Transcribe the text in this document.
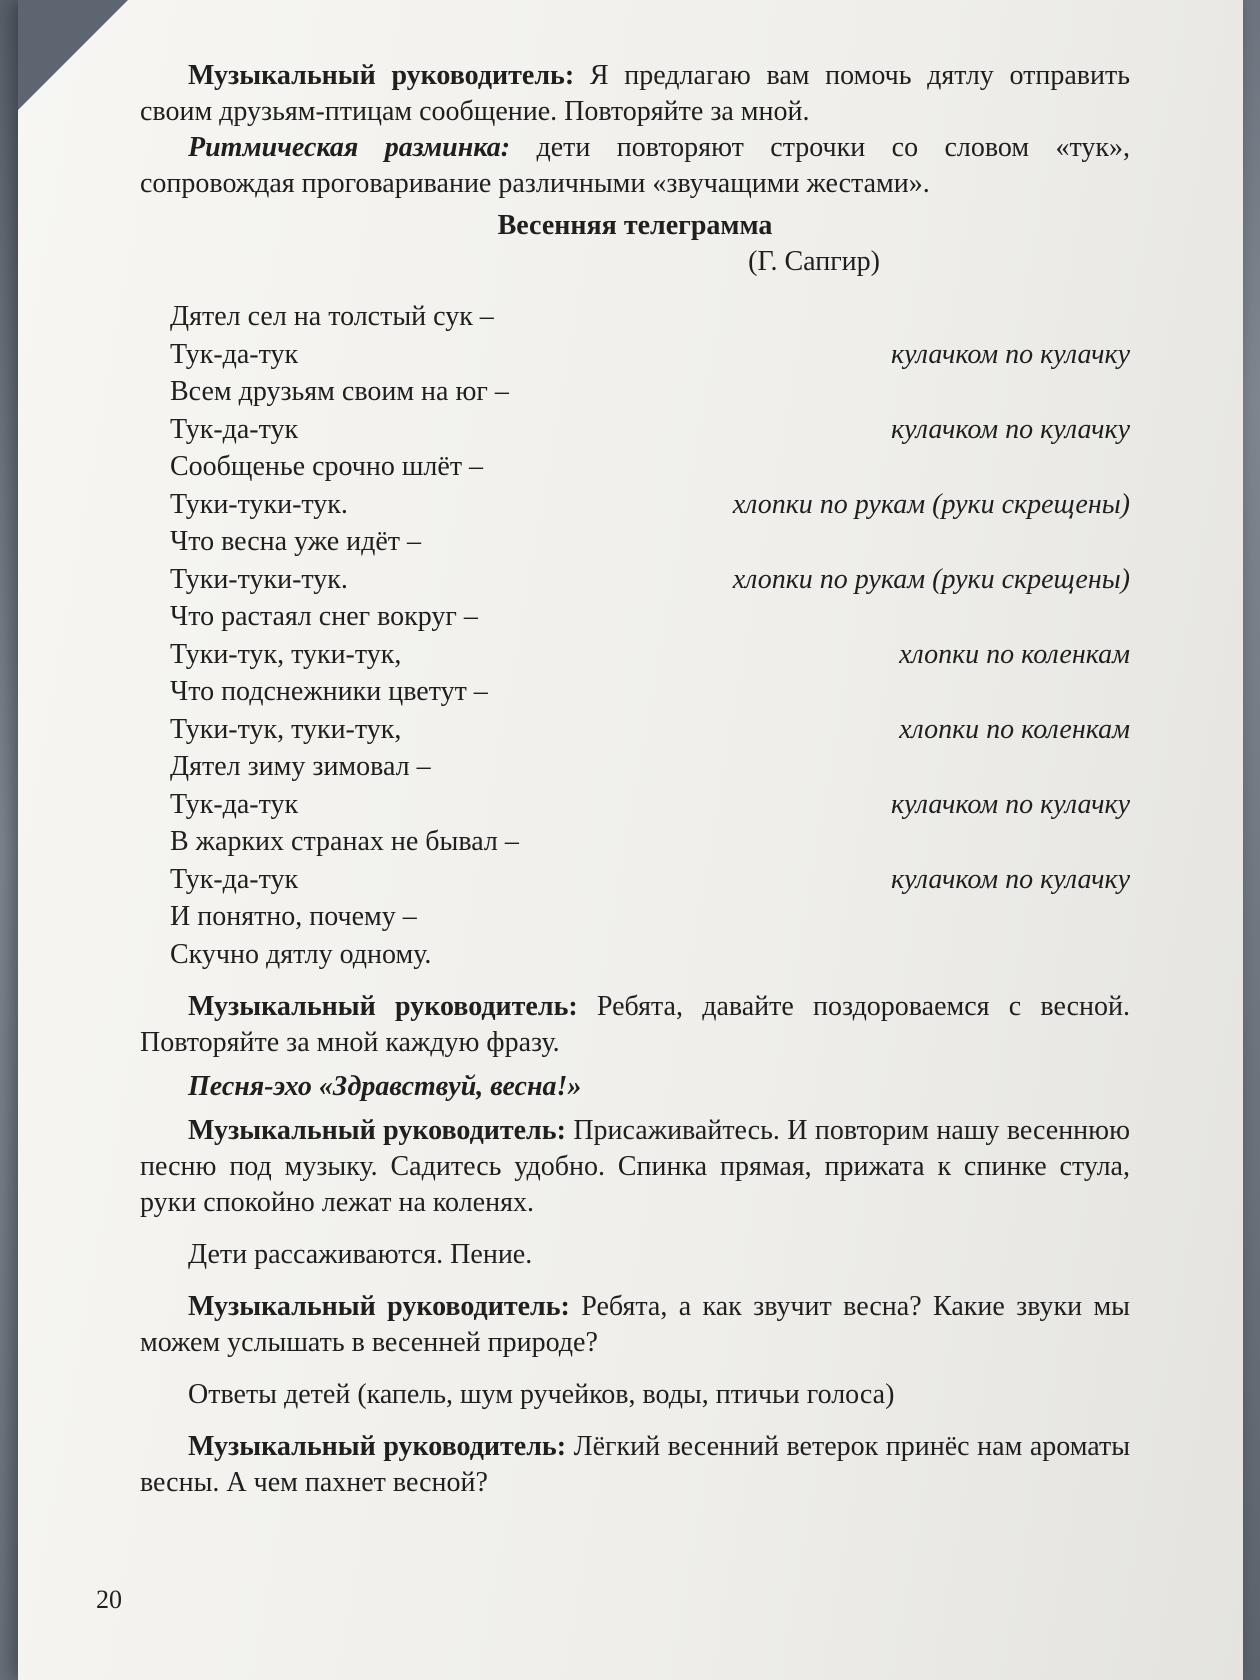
Музыкальный руководитель: Я предлагаю вам помочь дятлу отправить своим друзьям-птицам сообщение. Повторяйте за мной.

Ритмическая разминка: дети повторяют строчки со словом «тук», сопровождая проговаривание различными «звучащими жестами».

Весенняя телеграмма
(Г. Сапгир)
Дятел сел на толстый сук –
Тук-да-тук	кулачком по кулачку
Всем друзьям своим на юг –
Тук-да-тук	кулачком по кулачку
Сообщенье срочно шлёт –
Туки-туки-тук.	хлопки по рукам (руки скрещены)
Что весна уже идёт –
Туки-туки-тук.	хлопки по рукам (руки скрещены)
Что растаял снег вокруг –
Туки-тук, туки-тук,	хлопки по коленкам
Что подснежники цветут –
Туки-тук, туки-тук,	хлопки по коленкам
Дятел зиму зимовал –
Тук-да-тук	кулачком по кулачку
В жарких странах не бывал –
Тук-да-тук	кулачком по кулачку
И понятно, почему –
Скучно дятлу одному.

Музыкальный руководитель: Ребята, давайте поздороваемся с весной. Повторяйте за мной каждую фразу.

Песня-эхо «Здравствуй, весна!»

Музыкальный руководитель: Присаживайтесь. И повторим нашу весеннюю песню под музыку. Садитесь удобно. Спинка прямая, прижата к спинке стула, руки спокойно лежат на коленях.

Дети рассаживаются. Пение.

Музыкальный руководитель: Ребята, а как звучит весна? Какие звуки мы можем услышать в весенней природе?

Ответы детей (капель, шум ручейков, воды, птичьи голоса)

Музыкальный руководитель: Лёгкий весенний ветерок принёс нам ароматы весны. А чем пахнет весной?

20
